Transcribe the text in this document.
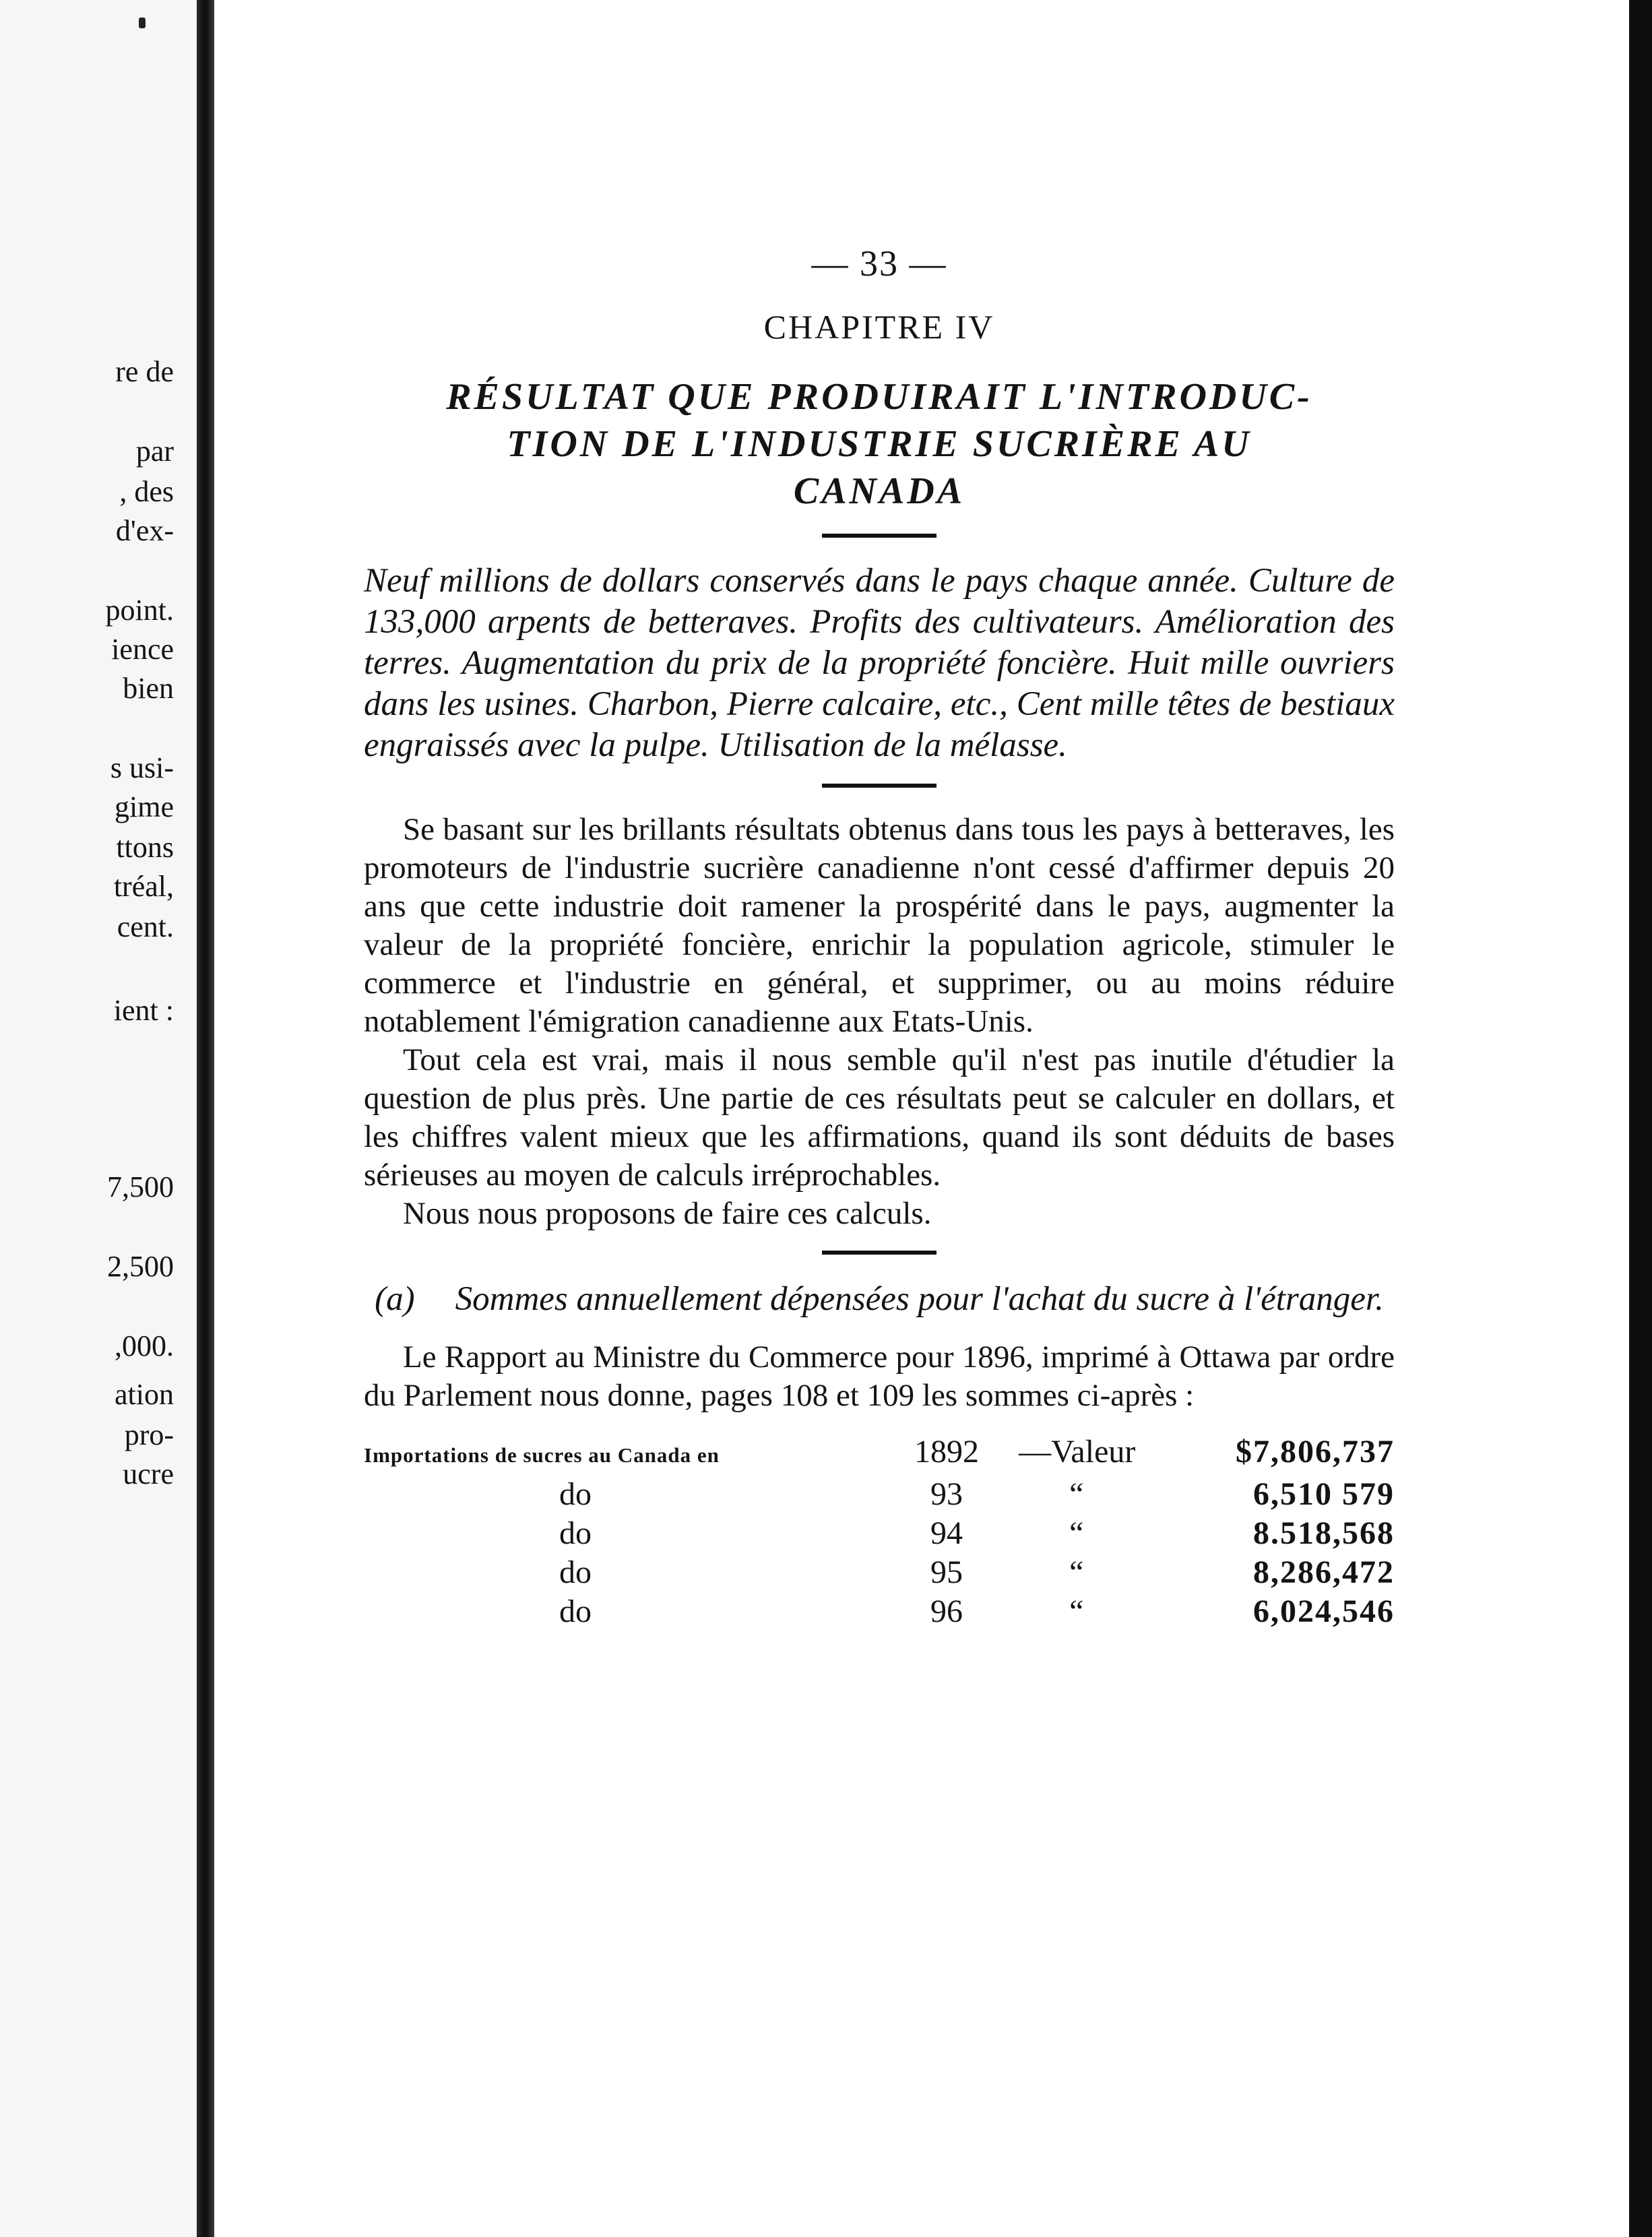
re de
par
, des
d'ex-
point.
ience
bien
s usi-
gime
ttons
tréal,
cent.
ient :
7,500
2,500
,000.
ation
pro-
ucre
— 33 —
CHAPITRE IV
RÉSULTAT QUE PRODUIRAIT L'INTRODUC-
TION DE L'INDUSTRIE SUCRIÈRE AU
CANADA

Neuf millions de dollars conservés dans le pays chaque année. Culture de 133,000 arpents de betteraves. Profits des cultivateurs. Amélioration des terres. Augmentation du prix de la propriété foncière. Huit mille ouvriers dans les usines. Charbon, Pierre calcaire, etc., Cent mille têtes de bestiaux engraissés avec la pulpe. Utilisation de la mélasse.

Se basant sur les brillants résultats obtenus dans tous les pays à betteraves, les promoteurs de l'industrie sucrière canadienne n'ont cessé d'affirmer depuis 20 ans que cette industrie doit ramener la prospérité dans le pays, augmenter la valeur de la propriété foncière, enrichir la population agricole, stimuler le commerce et l'industrie en général, et supprimer, ou au moins réduire notablement l'émigration canadienne aux Etats-Unis.

Tout cela est vrai, mais il nous semble qu'il n'est pas inutile d'étudier la question de plus près. Une partie de ces résultats peut se calculer en dollars, et les chiffres valent mieux que les affirmations, quand ils sont déduits de bases sérieuses au moyen de calculs irréprochables.

Nous nous proposons de faire ces calculs.

(a) Sommes annuellement dépensées pour l'achat du sucre à l'étranger.

Le Rapport au Ministre du Commerce pour 1896, imprimé à Ottawa par ordre du Parlement nous donne, pages 108 et 109 les sommes ci-après :

Importations de sucres au Canada en	1892	—Valeur	$7,806,737
do	93	“	6,510 579
do	94	“	8.518,568
do	95	“	8,286,472
do	96	“	6,024,546
